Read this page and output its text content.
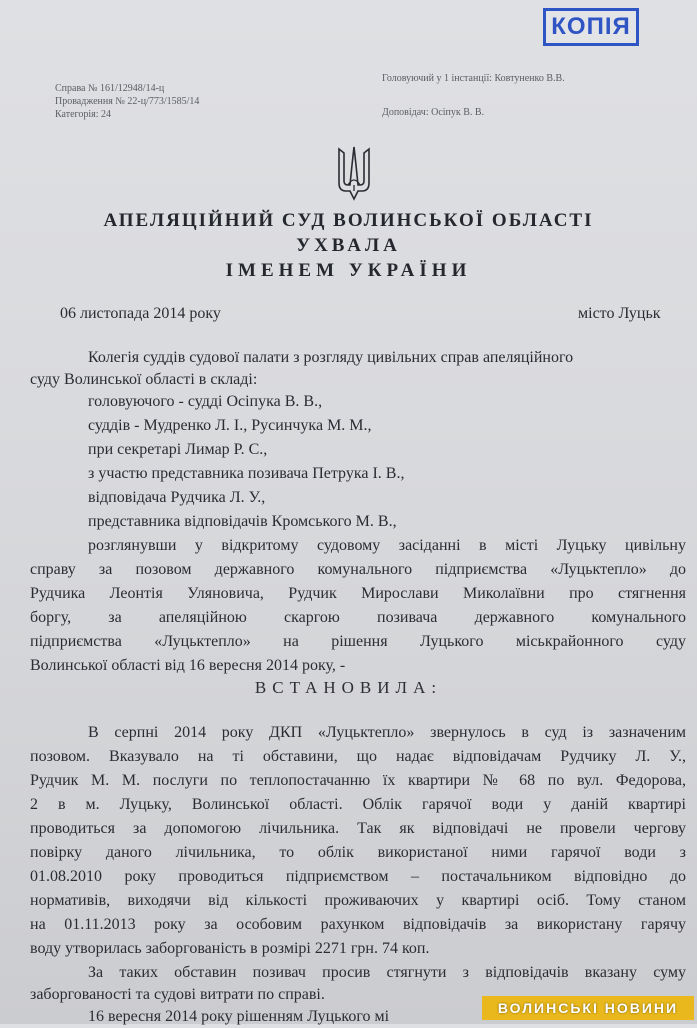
КОПІЯ
Справа № 161/12948/14-ц
Провадження № 22-ц/773/1585/14
Категорія: 24
Головуючий у 1 інстанції: Ковтуненко В.В.
Доповідач: Осіпук В. В.
АПЕЛЯЦІЙНИЙ СУД ВОЛИНСЬКОЇ ОБЛАСТІ
УХВАЛА
ІМЕНЕМ УКРАЇНИ
06 листопада 2014 року	місто Луцьк
Колегія суддів судової палати з розгляду цивільних справ апеляційного
суду Волинської області в складі:
головуючого - судді Осіпука В. В.,
суддів - Мудренко Л. І., Русинчука М. М.,
при секретарі Лимар Р. С.,
з участю представника позивача Петрука І. В.,
відповідача Рудчика Л. У.,
представника відповідачів Кромського М. В.,
розглянувши у відкритому судовому засіданні в місті Луцьку цивільну
справу за позовом державного комунального підприємства «Луцьктепло» до
Рудчика Леонтія Уляновича, Рудчик Мирослави Миколаївни про стягнення
боргу, за апеляційною скаргою позивача державного комунального
підприємства «Луцьктепло» на рішення Луцького міськрайонного суду
Волинської області від 16 вересня 2014 року, -
ВСТАНОВИЛА:
В серпні 2014 року ДКП «Луцьктепло» звернулось в суд із зазначеним
позовом. Вказувало на ті обставини, що надає відповідачам Рудчику Л. У.,
Рудчик М. М. послуги по теплопостачанню їх квартири № 68 по вул. Федорова,
2 в м. Луцьку, Волинської області. Облік гарячої води у даній квартирі
проводиться за допомогою лічильника. Так як відповідачі не провели чергову
повірку даного лічильника, то облік використаної ними гарячої води з
01.08.2010 року проводиться підприємством – постачальником відповідно до
нормативів, виходячи від кількості проживаючих у квартирі осіб. Тому станом
на 01.11.2013 року за особовим рахунком відповідачів за використану гарячу
воду утворилась заборгованість в розмірі 2271 грн. 74 коп.
За таких обставин позивач просив стягнути з відповідачів вказану суму
заборгованості та судові витрати по справі.
16 вересня 2014 року рішенням Луцького мі	ВОЛИНСЬКІ НОВИНИ
